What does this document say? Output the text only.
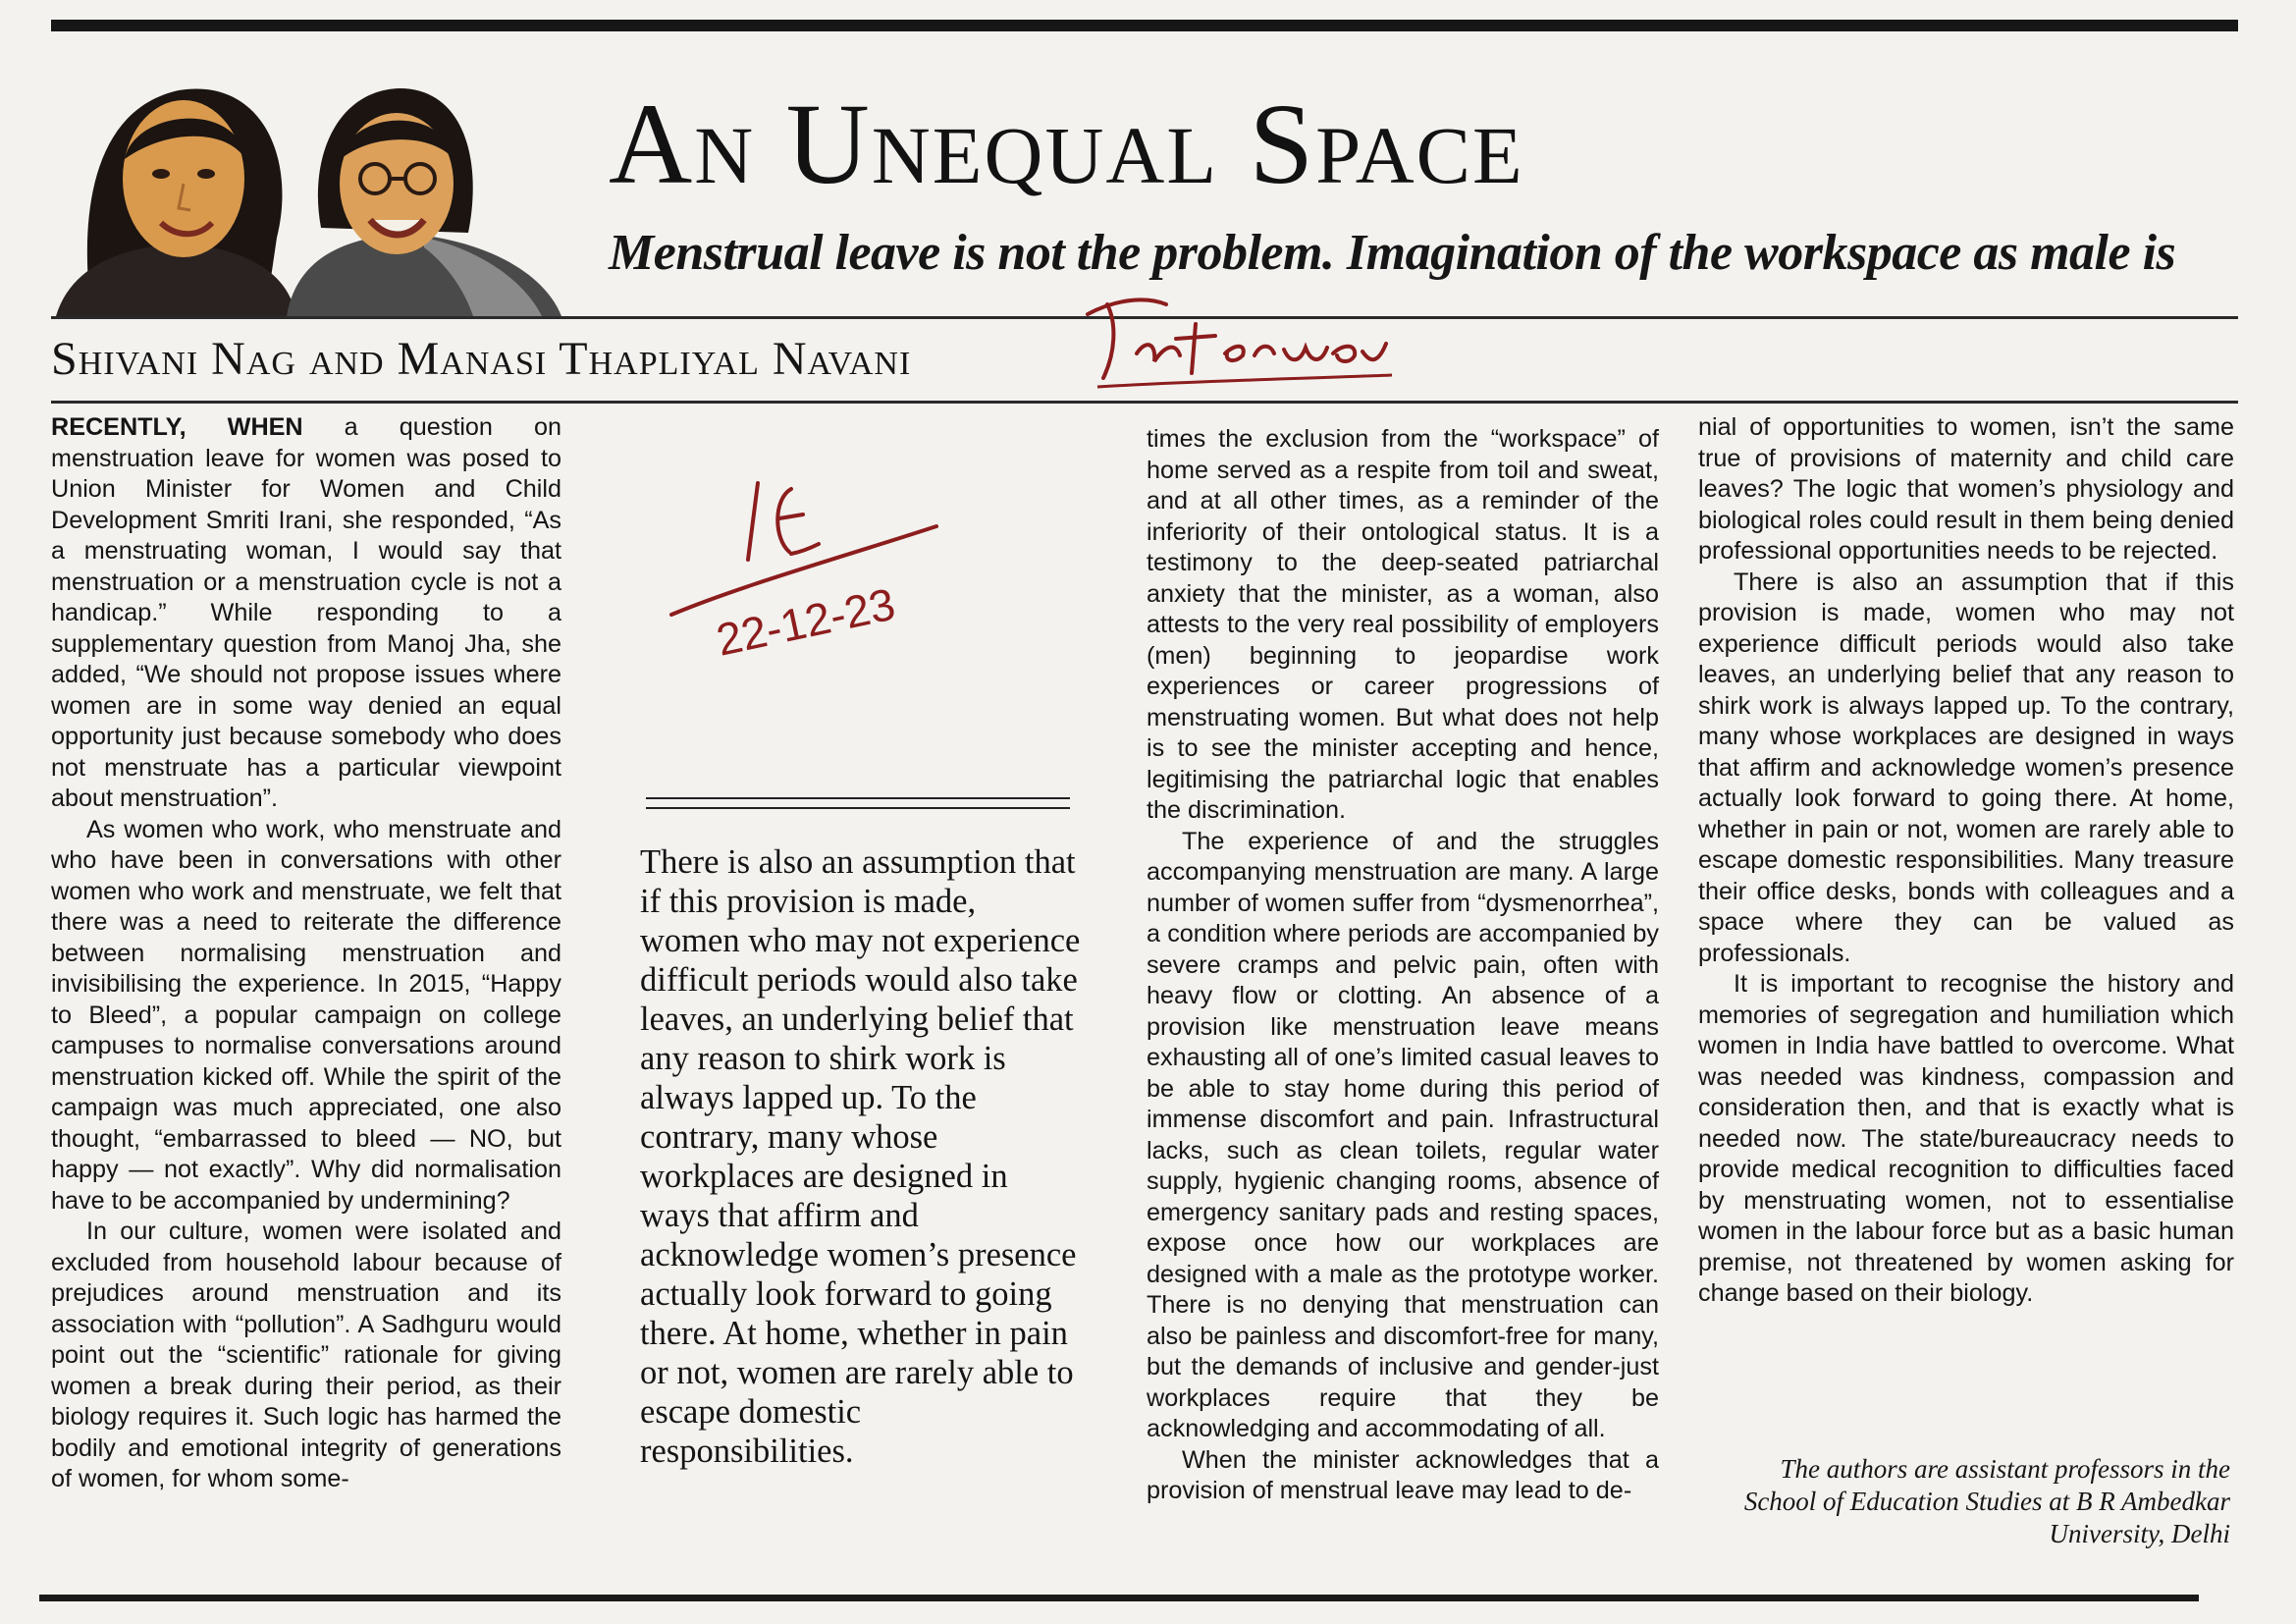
An Unequal Space
Menstrual leave is not the problem. Imagination of the workspace as male is
Shivani Nag and Manasi Thapliyal Navani
22-12-23

RECENTLY, WHEN a question on menstruation leave for women was posed to Union Minister for Women and Child Development Smriti Irani, she responded, “As a menstruating woman, I would say that menstruation or a menstruation cycle is not a handicap.” While responding to a supplementary question from Manoj Jha, she added, “We should not propose issues where women are in some way denied an equal opportunity just because somebody who does not menstruate has a particular viewpoint about menstruation”.

As women who work, who menstruate and who have been in conversations with other women who work and menstruate, we felt that there was a need to reiterate the difference between normalising menstruation and invisibilising the experience. In 2015, “Happy to Bleed”, a popular campaign on college campuses to normalise conversations around menstruation kicked off. While the spirit of the campaign was much appreciated, one also thought, “embarrassed to bleed — NO, but happy — not exactly”. Why did normalisation have to be accompanied by undermining?

In our culture, women were isolated and excluded from household labour because of prejudices around menstruation and its association with “pollution”. A Sadhguru would point out the “scientific” rationale for giving women a break during their period, as their biology requires it. Such logic has harmed the bodily and emotional integrity of generations of women, for whom some-

There is also an assumption that if this provision is made, women who may not experience difficult periods would also take leaves, an underlying belief that any reason to shirk work is always lapped up. To the contrary, many whose workplaces are designed in ways that affirm and acknowledge women’s presence actually look forward to going there. At home, whether in pain or not, women are rarely able to escape domestic responsibilities.

times the exclusion from the “workspace” of home served as a respite from toil and sweat, and at all other times, as a reminder of the inferiority of their ontological status. It is a testimony to the deep-seated patriarchal anxiety that the minister, as a woman, also attests to the very real possibility of employers (men) beginning to jeopardise work experiences or career progressions of menstruating women. But what does not help is to see the minister accepting and hence, legitimising the patriarchal logic that enables the discrimination.

The experience of and the struggles accompanying menstruation are many. A large number of women suffer from “dysmenorrhea”, a condition where periods are accompanied by severe cramps and pelvic pain, often with heavy flow or clotting. An absence of a provision like menstruation leave means exhausting all of one’s limited casual leaves to be able to stay home during this period of immense discomfort and pain. Infrastructural lacks, such as clean toilets, regular water supply, hygienic changing rooms, absence of emergency sanitary pads and resting spaces, expose once how our workplaces are designed with a male as the prototype worker. There is no denying that menstruation can also be painless and discomfort-free for many, but the demands of inclusive and gender-just workplaces require that they be acknowledging and accommodating of all.

When the minister acknowledges that a provision of menstrual leave may lead to de-

nial of opportunities to women, isn’t the same true of provisions of maternity and child care leaves? The logic that women’s physiology and biological roles could result in them being denied professional opportunities needs to be rejected.

There is also an assumption that if this provision is made, women who may not experience difficult periods would also take leaves, an underlying belief that any reason to shirk work is always lapped up. To the contrary, many whose workplaces are designed in ways that affirm and acknowledge women’s presence actually look forward to going there. At home, whether in pain or not, women are rarely able to escape domestic responsibilities. Many treasure their office desks, bonds with colleagues and a space where they can be valued as professionals.

It is important to recognise the history and memories of segregation and humiliation which women in India have battled to overcome. What was needed was kindness, compassion and consideration then, and that is exactly what is needed now. The state/bureaucracy needs to provide medical recognition to difficulties faced by menstruating women, not to essentialise women in the labour force but as a basic human premise, not threatened by women asking for change based on their biology.

The authors are assistant professors in the School of Education Studies at B R Ambedkar University, Delhi
